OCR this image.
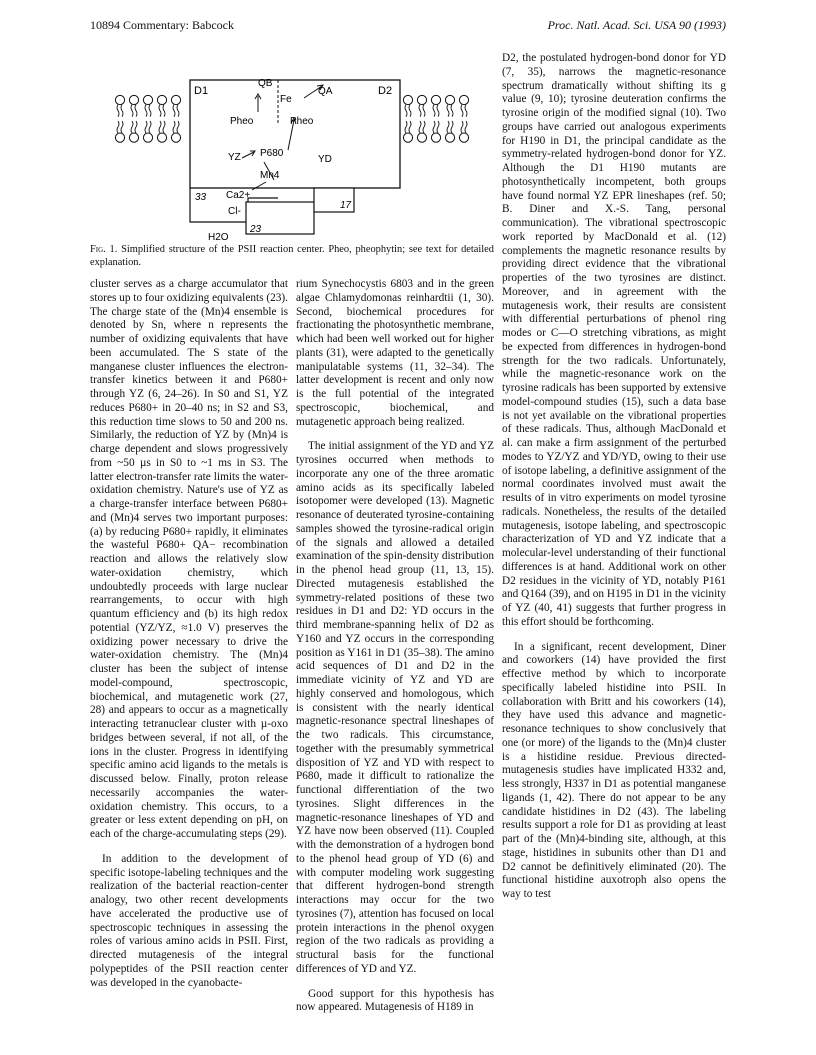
10894 Commentary: Babcock	Proc. Natl. Acad. Sci. USA 90 (1993)
D1	D2
QB
QA
Fe
Pheo	Pheo
YZ P680
YD
Mn4
Ca2+
Cl-
H2O
33
23
17
Fig. 1. Simplified structure of the PSII reaction center. Pheo, pheophytin; see text for detailed explanation.

cluster serves as a charge accumulator that stores up to four oxidizing equivalents (23). The charge state of the (Mn)4 ensemble is denoted by Sn, where n represents the number of oxidizing equivalents that have been accumulated. The S state of the manganese cluster influences the electron-transfer kinetics between it and P680+ through YZ (6, 24–26). In S0 and S1, YZ reduces P680+ in 20–40 ns; in S2 and S3, this reduction time slows to 50 and 200 ns. Similarly, the reduction of YZ by (Mn)4 is charge dependent and slows progressively from ~50 µs in S0 to ~1 ms in S3. The latter electron-transfer rate limits the water-oxidation chemistry. Nature's use of YZ as a charge-transfer interface between P680+ and (Mn)4 serves two important purposes: (a) by reducing P680+ rapidly, it eliminates the wasteful P680+ QA− recombination reaction and allows the relatively slow water-oxidation chemistry, which undoubtedly proceeds with large nuclear rearrangements, to occur with high quantum efficiency and (b) its high redox potential (YZ/YZ, ≈1.0 V) preserves the oxidizing power necessary to drive the water-oxidation chemistry. The (Mn)4 cluster has been the subject of intense model-compound, spectroscopic, biochemical, and mutagenetic work (27, 28) and appears to occur as a magnetically interacting tetranuclear cluster with µ-oxo bridges between several, if not all, of the ions in the cluster. Progress in identifying specific amino acid ligands to the metals is discussed below. Finally, proton release necessarily accompanies the water-oxidation chemistry. This occurs, to a greater or less extent depending on pH, on each of the charge-accumulating steps (29).

In addition to the development of specific isotope-labeling techniques and the realization of the bacterial reaction-center analogy, two other recent developments have accelerated the productive use of spectroscopic techniques in assessing the roles of various amino acids in PSII. First, directed mutagenesis of the integral polypeptides of the PSII reaction center was developed in the cyanobacte-

rium Synechocystis 6803 and in the green algae Chlamydomonas reinhardtii (1, 30). Second, biochemical procedures for fractionating the photosynthetic membrane, which had been well worked out for higher plants (31), were adapted to the genetically manipulatable systems (11, 32–34). The latter development is recent and only now is the full potential of the integrated spectroscopic, biochemical, and mutagenetic approach being realized.

The initial assignment of the YD and YZ tyrosines occurred when methods to incorporate any one of the three aromatic amino acids as its specifically labeled isotopomer were developed (13). Magnetic resonance of deuterated tyrosine-containing samples showed the tyrosine-radical origin of the signals and allowed a detailed examination of the spin-density distribution in the phenol head group (11, 13, 15). Directed mutagenesis established the symmetry-related positions of these two residues in D1 and D2: YD occurs in the third membrane-spanning helix of D2 as Y160 and YZ occurs in the corresponding position as Y161 in D1 (35–38). The amino acid sequences of D1 and D2 in the immediate vicinity of YZ and YD are highly conserved and homologous, which is consistent with the nearly identical magnetic-resonance spectral lineshapes of the two radicals. This circumstance, together with the presumably symmetrical disposition of YZ and YD with respect to P680, made it difficult to rationalize the functional differentiation of the two tyrosines. Slight differences in the magnetic-resonance lineshapes of YD and YZ have now been observed (11). Coupled with the demonstration of a hydrogen bond to the phenol head group of YD (6) and with computer modeling work suggesting that different hydrogen-bond strength interactions may occur for the two tyrosines (7), attention has focused on local protein interactions in the phenol oxygen region of the two radicals as providing a structural basis for the functional differences of YD and YZ.

Good support for this hypothesis has now appeared. Mutagenesis of H189 in

D2, the postulated hydrogen-bond donor for YD (7, 35), narrows the magnetic-resonance spectrum dramatically without shifting its g value (9, 10); tyrosine deuteration confirms the tyrosine origin of the modified signal (10). Two groups have carried out analogous experiments for H190 in D1, the principal candidate as the symmetry-related hydrogen-bond donor for YZ. Although the D1 H190 mutants are photosynthetically incompetent, both groups have found normal YZ EPR lineshapes (ref. 50; B. Diner and X.-S. Tang, personal communication). The vibrational spectroscopic work reported by MacDonald et al. (12) complements the magnetic resonance results by providing direct evidence that the vibrational properties of the two tyrosines are distinct. Moreover, and in agreement with the mutagenesis work, their results are consistent with differential perturbations of phenol ring modes or C—O stretching vibrations, as might be expected from differences in hydrogen-bond strength for the two radicals. Unfortunately, while the magnetic-resonance work on the tyrosine radicals has been supported by extensive model-compound studies (15), such a data base is not yet available on the vibrational properties of these radicals. Thus, although MacDonald et al. can make a firm assignment of the perturbed modes to YZ/YZ and YD/YD, owing to their use of isotope labeling, a definitive assignment of the normal coordinates involved must await the results of in vitro experiments on model tyrosine radicals. Nonetheless, the results of the detailed mutagenesis, isotope labeling, and spectroscopic characterization of YD and YZ indicate that a molecular-level understanding of their functional differences is at hand. Additional work on other D2 residues in the vicinity of YD, notably P161 and Q164 (39), and on H195 in D1 in the vicinity of YZ (40, 41) suggests that further progress in this effort should be forthcoming.

In a significant, recent development, Diner and coworkers (14) have provided the first effective method by which to incorporate specifically labeled histidine into PSII. In collaboration with Britt and his coworkers (14), they have used this advance and magnetic-resonance techniques to show conclusively that one (or more) of the ligands to the (Mn)4 cluster is a histidine residue. Previous directed-mutagenesis studies have implicated H332 and, less strongly, H337 in D1 as potential manganese ligands (1, 42). There do not appear to be any candidate histidines in D2 (43). The labeling results support a role for D1 as providing at least part of the (Mn)4-binding site, although, at this stage, histidines in subunits other than D1 and D2 cannot be definitively eliminated (20). The functional histidine auxotroph also opens the way to test
